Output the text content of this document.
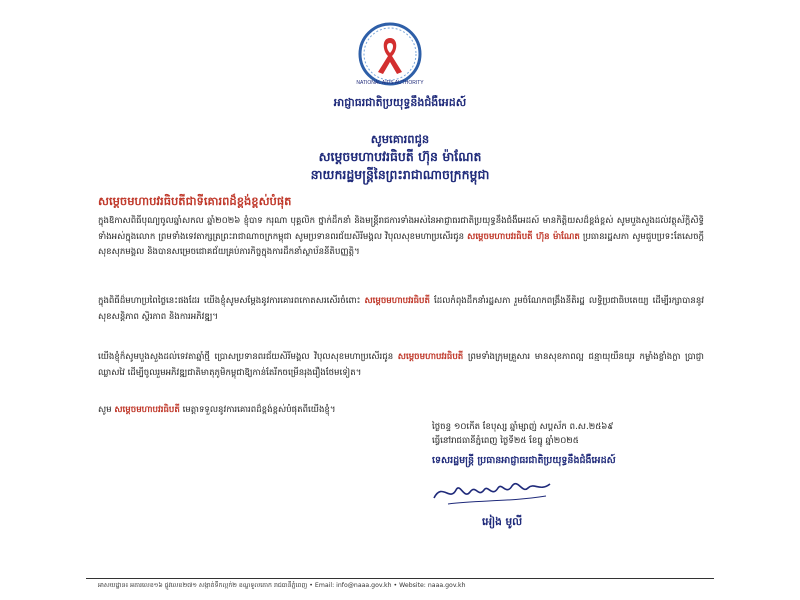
NATIONAL AIDS AUTHORITY
អាជ្ញាធរជាតិប្រយុទ្ធនឹងជំងឺអេដស៍
សូមគោរពជូន
សម្តេចមហាបវរធិបតី ហ៊ុន ម៉ាណែត
នាយករដ្ឋមន្ត្រីនៃព្រះរាជាណាចក្រកម្ពុជា
សម្តេចមហាបវរធិបតីជាទីគោរពដ៏ខ្ពង់ខ្ពស់បំផុត

ក្នុងឱកាសពិធីបុណ្យចូលឆ្នាំសកល ឆ្នាំ២០២៦ ខ្ញុំបាទ ករុណា បុគ្គលិក ថ្នាក់ដឹកនាំ និងមន្ត្រីរាជការទាំងអស់នៃអាជ្ញាធរជាតិប្រយុទ្ធនឹងជំងឺអេដស៍ មានកិត្តិយសដ៏ខ្ពង់ខ្ពស់ សូមបួងសួងដល់វត្ថុស័ក្តិសិទ្ធិទាំងអស់ក្នុងលោក ព្រមទាំងទេវតាក្សត្រព្រះរាជាណាចក្រកម្ពុជា សូមប្រទានពរជ័យសិរីមង្គល វិបុលសុខមហាប្រសើរជូន សម្តេចមហាបវរធិបតី ហ៊ុន ម៉ាណែត ប្រធានរដ្ឋសភា សូមជួបប្រទះតែសេចក្តីសុខសុភមង្គល និងបានសម្រេចជោគជ័យគ្រប់ភារកិច្ចក្នុងការដឹកនាំស្ថាប័ននីតិបញ្ញត្តិ។

ក្នុងពិធីដ៏មហាប្រពៃថ្ងៃនេះផងដែរ យើងខ្ញុំសូមសម្តែងនូវការគោរពកោតសរសើរចំពោះ សម្តេចមហាបវរធិបតី ដែលកំពុងដឹកនាំរដ្ឋសភា រួមចំណែកពង្រឹងនីតិរដ្ឋ លទ្ធិប្រជាធិបតេយ្យ ដើម្បីរក្សាបាននូវសុខសន្តិភាព ស្ថិរភាព និងការអភិវឌ្ឍ។

យើងខ្ញុំក៏សូមបួងសួងដល់ទេវតាឆ្នាំថ្មី ប្រោសប្រទានពរជ័យសិរីមង្គល វិបុលសុខមហាប្រសើរជូន សម្តេចមហាបវរធិបតី ព្រមទាំងក្រុមគ្រួសារ មានសុខភាពល្អ ជន្មាយុយឺនយូរ កម្លាំងខ្លាំងក្លា ប្រាជ្ញាឈ្លាសវៃ ដើម្បីចូលរួមអភិវឌ្ឍជាតិមាតុភូមិកម្ពុជាឱ្យកាន់តែរីកចម្រើនរុងរឿងថែមទៀត។

សូម សម្តេចមហាបវរធិបតី មេត្តាទទួលនូវការគោរពដ៏ខ្ពង់ខ្ពស់បំផុតពីយើងខ្ញុំ។

ថ្ងៃចន្ទ ១០កើត ខែបុស្ស ឆ្នាំម្សាញ់ សប្តស័ក ព.ស.២៥៦៩
ធ្វើនៅរាជធានីភ្នំពេញ ថ្ងៃទី២៥ ខែធ្នូ ឆ្នាំ២០២៥
ទេសរដ្ឋមន្ត្រី ប្រធានអាជ្ញាធរជាតិប្រយុទ្ធនឹងជំងឺអេដស៍
អៀង មូលី
អាសយដ្ឋាន៖ អគារលេខ១៦ ផ្លូវលេខ២៧១ សង្កាត់ទឹកល្អក់២ ខណ្ឌទួលគោក រាជធានីភ្នំពេញ • Email: info@naaa.gov.kh • Website: naaa.gov.kh
